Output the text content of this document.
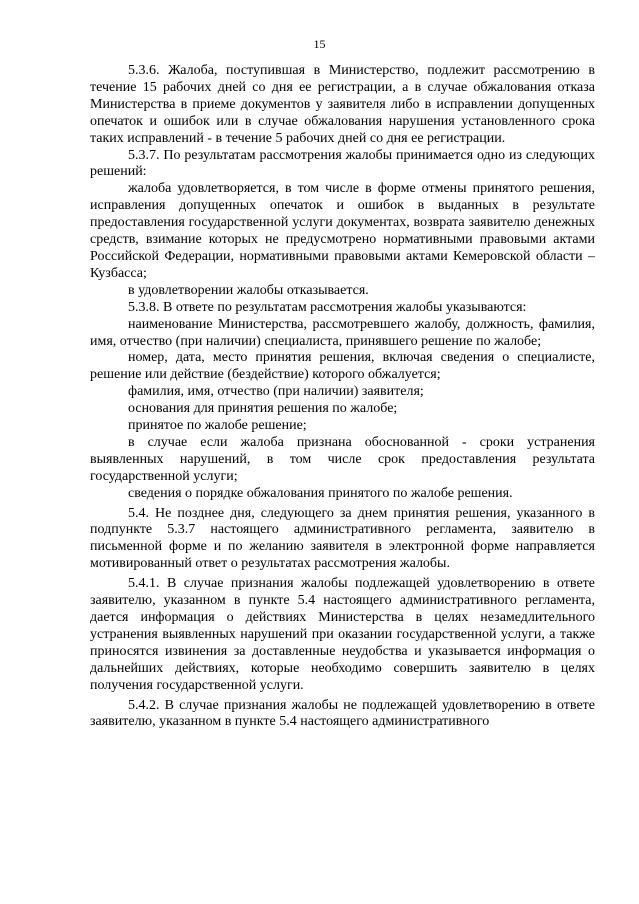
15

5.3.6. Жалоба, поступившая в Министерство, подлежит рассмотрению в течение 15 рабочих дней со дня ее регистрации, а в случае обжалования отказа Министерства в приеме документов у заявителя либо в исправлении допущенных опечаток и ошибок или в случае обжалования нарушения установленного срока таких исправлений - в течение 5 рабочих дней со дня ее регистрации.

5.3.7. По результатам рассмотрения жалобы принимается одно из следующих решений:

жалоба удовлетворяется, в том числе в форме отмены принятого решения, исправления допущенных опечаток и ошибок в выданных в результате предоставления государственной услуги документах, возврата заявителю денежных средств, взимание которых не предусмотрено нормативными правовыми актами Российской Федерации, нормативными правовыми актами Кемеровской области – Кузбасса;

в удовлетворении жалобы отказывается.

5.3.8. В ответе по результатам рассмотрения жалобы указываются:

наименование Министерства, рассмотревшего жалобу, должность, фамилия, имя, отчество (при наличии) специалиста, принявшего решение по жалобе;

номер, дата, место принятия решения, включая сведения о специалисте, решение или действие (бездействие) которого обжалуется;

фамилия, имя, отчество (при наличии) заявителя;

основания для принятия решения по жалобе;

принятое по жалобе решение;

в случае если жалоба признана обоснованной - сроки устранения выявленных нарушений, в том числе срок предоставления результата государственной услуги;

сведения о порядке обжалования принятого по жалобе решения.

5.4. Не позднее дня, следующего за днем принятия решения, указанного в подпункте 5.3.7 настоящего административного регламента, заявителю в письменной форме и по желанию заявителя в электронной форме направляется мотивированный ответ о результатах рассмотрения жалобы.

5.4.1. В случае признания жалобы подлежащей удовлетворению в ответе заявителю, указанном в пункте 5.4 настоящего административного регламента, дается информация о действиях Министерства в целях незамедлительного устранения выявленных нарушений при оказании государственной услуги, а также приносятся извинения за доставленные неудобства и указывается информация о дальнейших действиях, которые необходимо совершить заявителю в целях получения государственной услуги.

5.4.2. В случае признания жалобы не подлежащей удовлетворению в ответе заявителю, указанном в пункте 5.4 настоящего административного
